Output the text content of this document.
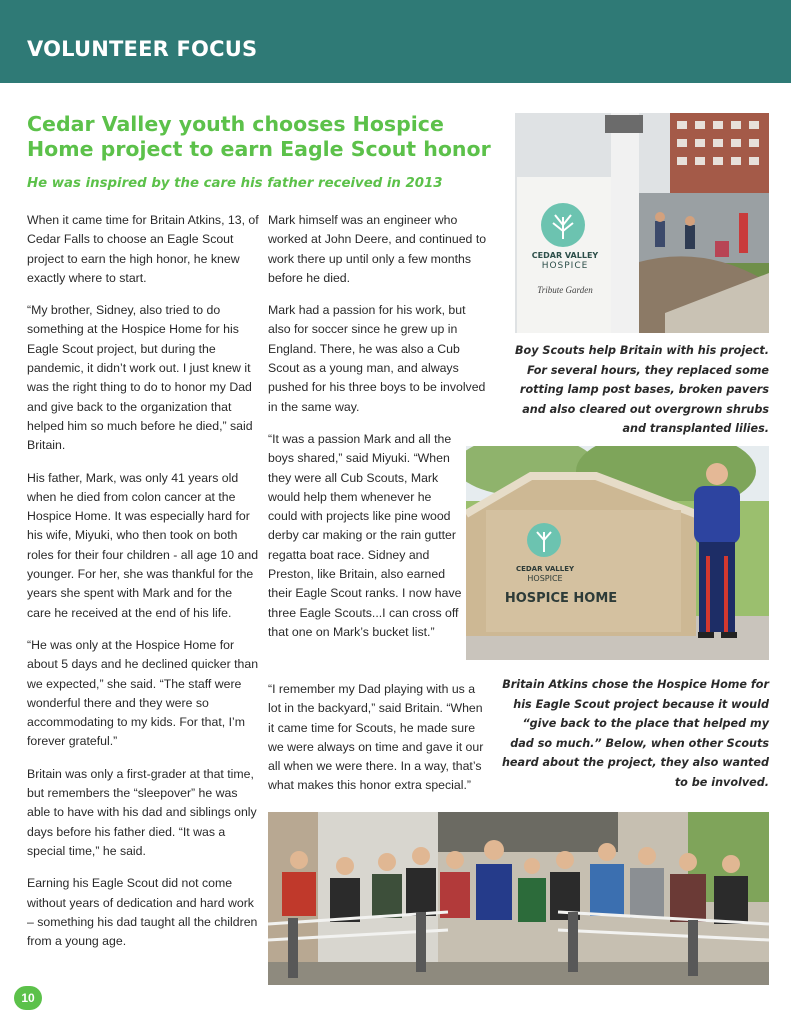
VOLUNTEER FOCUS
Cedar Valley youth chooses Hospice Home project to earn Eagle Scout honor
He was inspired by the care his father received in 2013

When it came time for Britain Atkins, 13, of Cedar Falls to choose an Eagle Scout project to earn the high honor, he knew exactly where to start.

“My brother, Sidney, also tried to do something at the Hospice Home for his Eagle Scout project, but during the pandemic, it didn’t work out. I just knew it was the right thing to do to honor my Dad and give back to the organization that helped him so much before he died,” said Britain.

His father, Mark, was only 41 years old when he died from colon cancer at the Hospice Home. It was especially hard for his wife, Miyuki, who then took on both roles for their four children - all age 10 and younger. For her, she was thankful for the years she spent with Mark and for the care he received at the end of his life.

“He was only at the Hospice Home for about 5 days and he declined quicker than we expected,” she said. “The staff were wonderful there and they were so accommodating to my kids. For that, I’m forever grateful.”

Britain was only a first-grader at that time, but remembers the “sleepover” he was able to have with his dad and siblings only days before his father died. “It was a special time,” he said.

Earning his Eagle Scout did not come without years of dedication and hard work – something his dad taught all the children from a young age.

Mark himself was an engineer who worked at John Deere, and continued to work there up until only a few months before he died.

Mark had a passion for his work, but also for soccer since he grew up in England. There, he was also a Cub Scout as a young man, and always pushed for his three boys to be involved in the same way.

“It was a passion Mark and all the boys shared,” said Miyuki. “When they were all Cub Scouts, Mark would help them whenever he could with projects like pine wood derby car making or the rain gutter regatta boat race. Sidney and Preston, like Britain, also earned their Eagle Scout ranks. I now have three Eagle Scouts...I can cross off that one on Mark’s bucket list.”

“I remember my Dad playing with us a lot in the backyard,” said Britain. “When it came time for Scouts, he made sure we were always on time and gave it our all when we were there. In a way, that’s what makes this honor extra special.”

CEDAR VALLEY
HOSPICE
Tribute Garden
Boy Scouts help Britain with his project. For several hours, they replaced some rotting lamp post bases, broken pavers and also cleared out overgrown shrubs and transplanted lilies.
CEDAR VALLEY
HOSPICE
HOSPICE HOME
Britain Atkins chose the Hospice Home for his Eagle Scout project because it would “give back to the place that helped my dad so much.” Below, when other Scouts heard about the project, they also wanted to be involved.
10
